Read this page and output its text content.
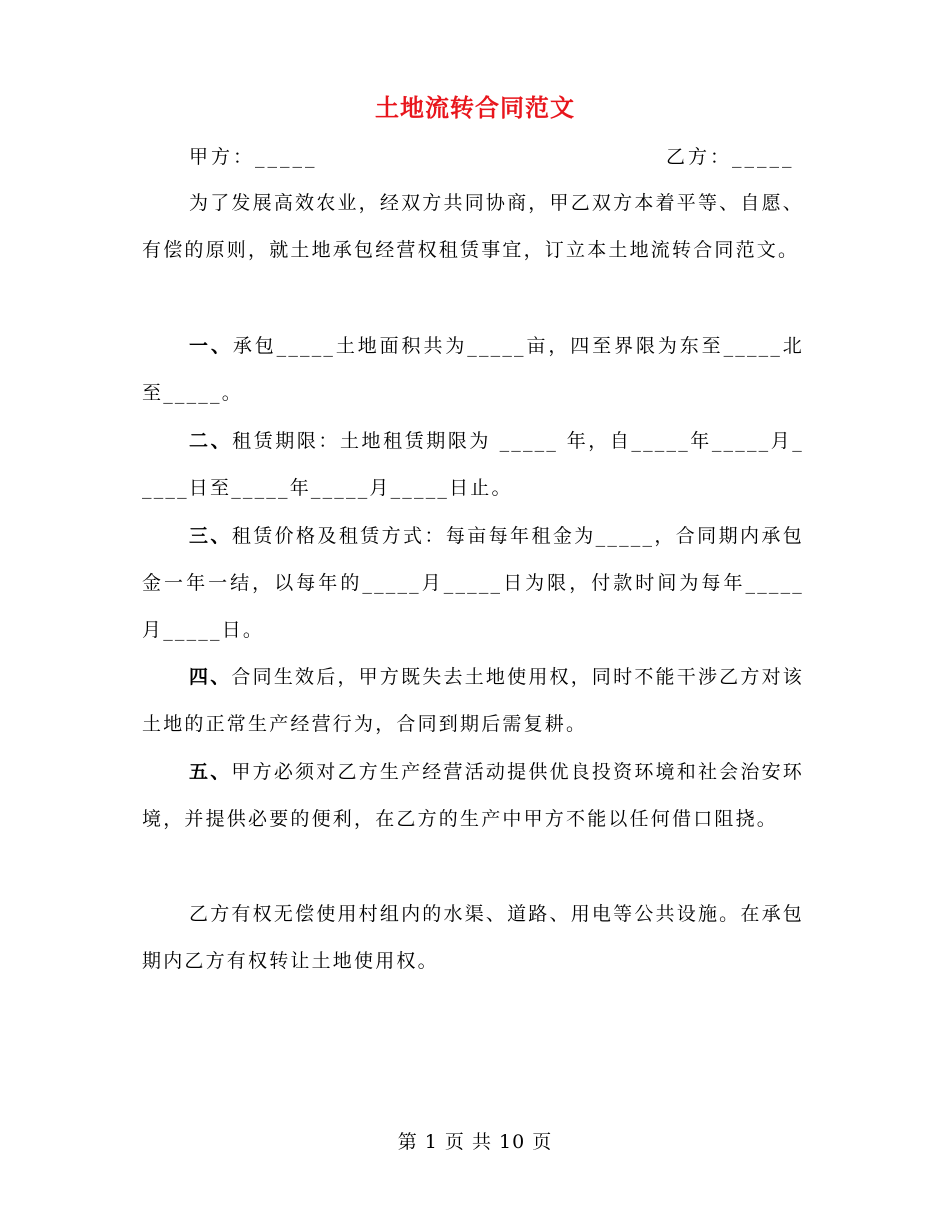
土地流转合同范文
甲方：_____	乙方：_____

为了发展高效农业，经双方共同协商，甲乙双方本着平等、自愿、有偿的原则，就土地承包经营权租赁事宜，订立本土地流转合同范文。

一、承包_____土地面积共为_____亩，四至界限为东至_____北至_____。

二、租赁期限：土地租赁期限为 _____ 年，自_____年_____月_____日至_____年_____月_____日止。

三、租赁价格及租赁方式：每亩每年租金为_____，合同期内承包金一年一结，以每年的_____月_____日为限，付款时间为每年_____月_____日。

四、合同生效后，甲方既失去土地使用权，同时不能干涉乙方对该土地的正常生产经营行为，合同到期后需复耕。

五、甲方必须对乙方生产经营活动提供优良投资环境和社会治安环境，并提供必要的便利，在乙方的生产中甲方不能以任何借口阻挠。

乙方有权无偿使用村组内的水渠、道路、用电等公共设施。在承包期内乙方有权转让土地使用权。

第 1 页 共 10 页
